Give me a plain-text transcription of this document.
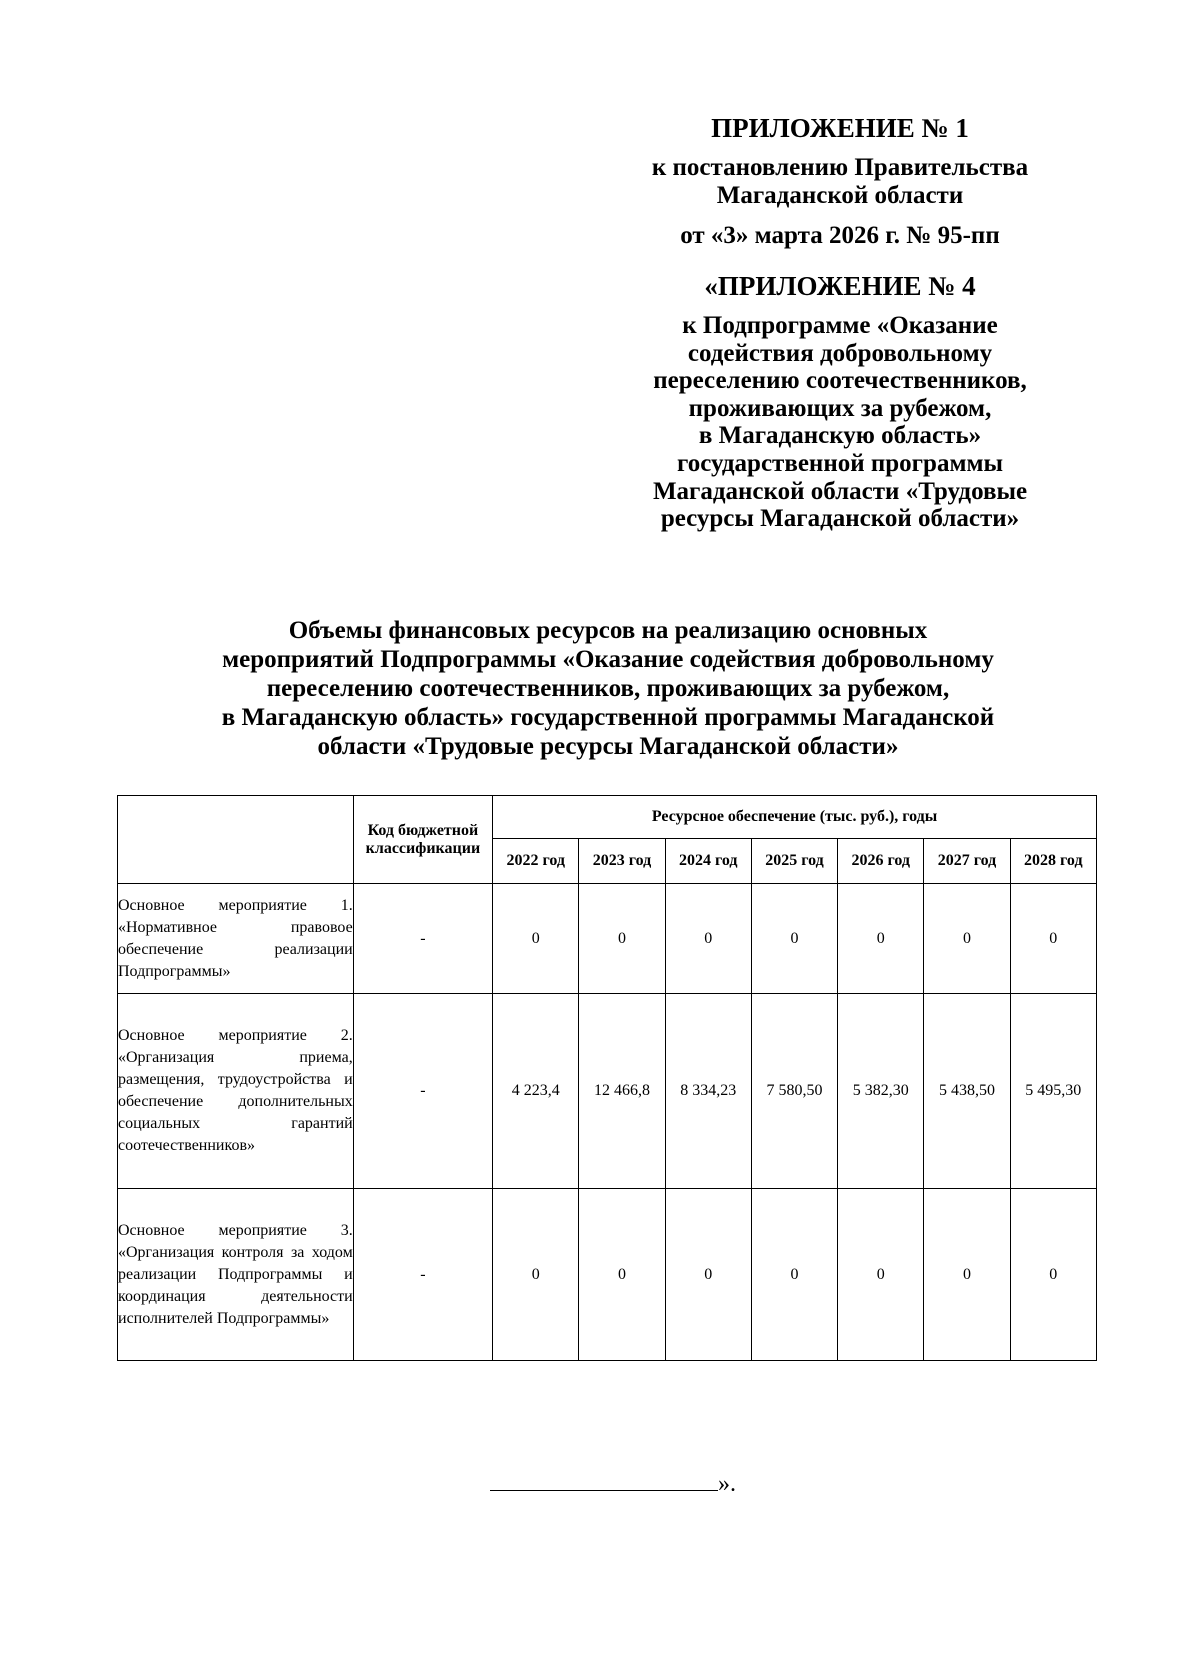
ПРИЛОЖЕНИЕ № 1
к постановлению Правительства
Магаданской области
от «3» марта 2026 г. № 95-пп
«ПРИЛОЖЕНИЕ № 4
к Подпрограмме «Оказание
содействия добровольному
переселению соотечественников,
проживающих за рубежом,
в Магаданскую область»
государственной программы
Магаданской области «Трудовые
ресурсы Магаданской области»
Объемы финансовых ресурсов на реализацию основных
мероприятий Подпрограммы «Оказание содействия добровольному
переселению соотечественников, проживающих за рубежом,
в Магаданскую область» государственной программы Магаданской
области «Трудовые ресурсы Магаданской области»
	Код бюджетной классификации	Ресурсное обеспечение (тыс. руб.), годы						
		2022 год	2023 год	2024 год	2025 год	2026 год	2027 год	2028 год
Основное мероприятие 1. «Нормативное правовое обеспечение реализации Подпрограммы»	-	0	0	0	0	0	0	0
Основное мероприятие 2. «Организация приема, размещения, трудоустройства и обеспечение дополнительных социальных гарантий соотечественников»	-	4 223,4	12 466,8	8 334,23	7 580,50	5 382,30	5 438,50	5 495,30
Основное мероприятие 3. «Организация контроля за ходом реализации Подпрограммы и координация деятельности исполнителей Подпрограммы»	-	0	0	0	0	0	0	0
».
